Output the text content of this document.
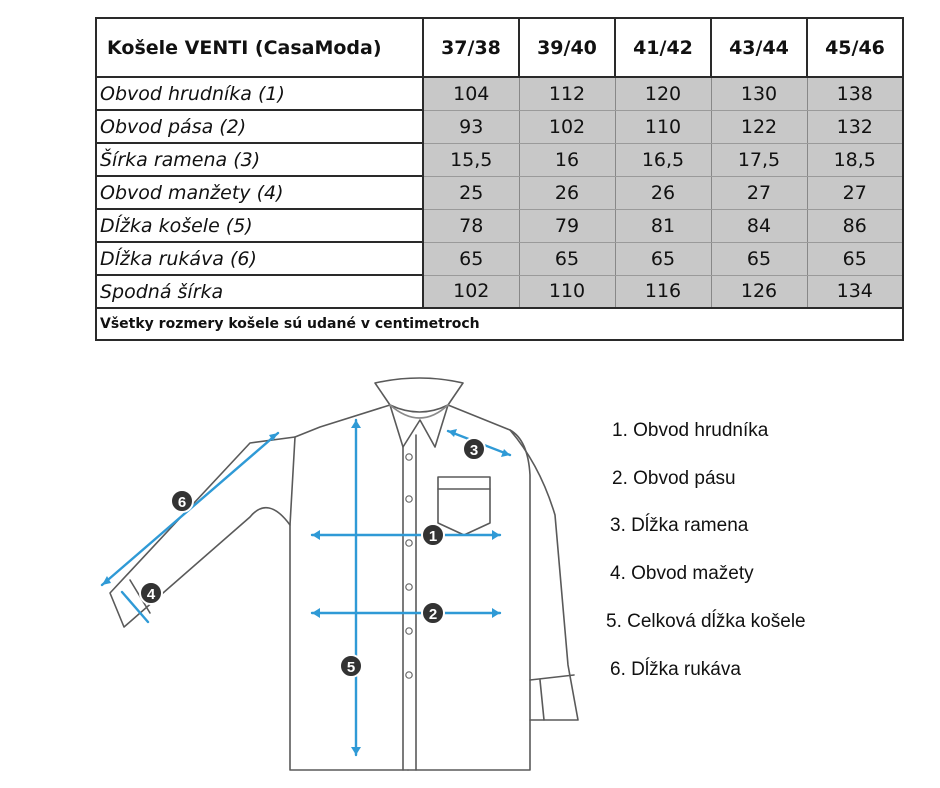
Košele VENTI (CasaModa)	37/38	39/40	41/42	43/44	45/46
Obvod hrudníka (1)	104	112	120	130	138
Obvod pása (2)	93	102	110	122	132
Šírka ramena (3)	15,5	16	16,5	17,5	18,5
Obvod manžety (4)	25	26	26	27	27
Dĺžka košele (5)	78	79	81	84	86
Dĺžka rukáva (6)	65	65	65	65	65
Spodná šírka	102	110	116	126	134
Všetky rozmery košele sú udané v centimetroch					
1
2
3
4
5
6
1. Obvod hrudníka
2. Obvod pásu
3. Dĺžka ramena
4. Obvod mažety
5. Celková dĺžka košele
6. Dĺžka rukáva
